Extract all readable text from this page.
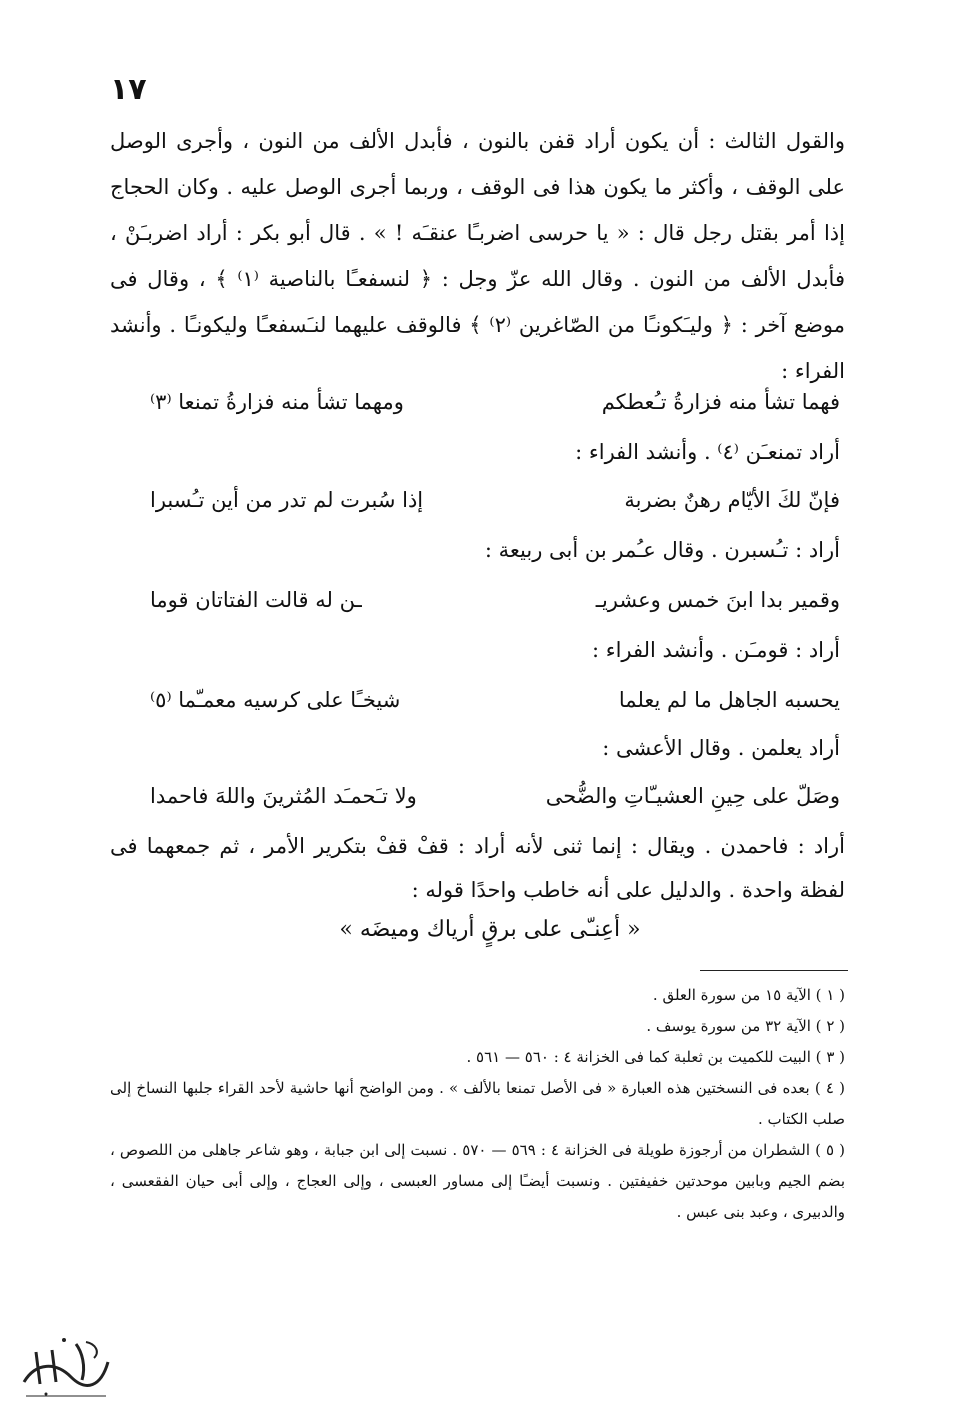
١٧

والقول الثالث : أن يكون أراد قفن بالنون ، فأبدل الألف من النون ، وأجرى الوصل على الوقف ، وأكثر ما يكون هذا فى الوقف ، وربما أجرى الوصل عليه . وكان الحجاج إذا أمر بقتل رجل قال : « يا حرسى اضربـًا عنقـَه ! » . قال أبو بكر : أراد اضربـَنْ ، فأبدل الألف من النون . وقال الله عزّ وجل : ﴿ لنسفعـًا بالناصية ⁽١⁾ ﴾ ، وقال فى موضع آخر : ﴿ وليـَكونـًا من الصّاغرين ⁽٢⁾ ﴾ فالوقف عليهما لنـَسفعـًا وليكونـًا . وأنشد الفراء :

فهما تشأ منه فزارةُ تـُعطكم
ومهما تشأ منه فزارةُ تمنعا ⁽٣⁾
أراد تمنعـَن ⁽٤⁾ . وأنشد الفراء :
فإنّ لكَ الأيّام رهنٌ بضربة
إذا سُبرت لم تدر من أين تـُسبرا
أراد : تـُسبرن . وقال عـُمر بن أبى ربيعة :
وقمير بدا ابنَ خمس وعشريـ
ـن له قالت الفتاتان قوما
أراد : قومـَن . وأنشد الفراء :
يحسبه الجاهل ما لم يعلما
شيخـًا على كرسيه معمـّما ⁽٥⁾
أراد يعلمن . وقال الأعشى :
وصَلّ على حِينِ العشيـّاتِ والضُّحى
ولا تـَحمـَد المُثرينَ واللهَ فاحمدا

أراد : فاحمدن . ويقال : إنما ثنى لأنه أراد : قفْ قفْ بتكرير الأمر ، ثم جمعهما فى لفظة واحدة . والدليل على أنه خاطب واحدًا قوله :

« أعِنـّى على برقٍ أرياك وميضَه »

( ١ ) الآية ١٥ من سورة العلق .

( ٢ ) الآية ٣٢ من سورة يوسف .

( ٣ ) البيت للكميت بن ثعلبة كما فى الخزانة ٤ : ٥٦٠ — ٥٦١ .

( ٤ ) بعده فى النسختين هذه العبارة « فى الأصل تمنعا بالألف » . ومن الواضح أنها حاشية لأحد القراء جلبها النساخ إلى صلب الكتاب .

( ٥ ) الشطران من أرجوزة طويلة فى الخزانة ٤ : ٥٦٩ — ٥٧٠ . نسبت إلى ابن جبابة ، وهو شاعر جاهلى من اللصوص ، بضم الجيم وبابين موحدتين خفيفتين . ونسبت أيضـًا إلى مساور العبسى ، وإلى العجاج ، وإلى أبى حيان الفقعسى ، والدبيرى ، وعبد بنى عبس .
